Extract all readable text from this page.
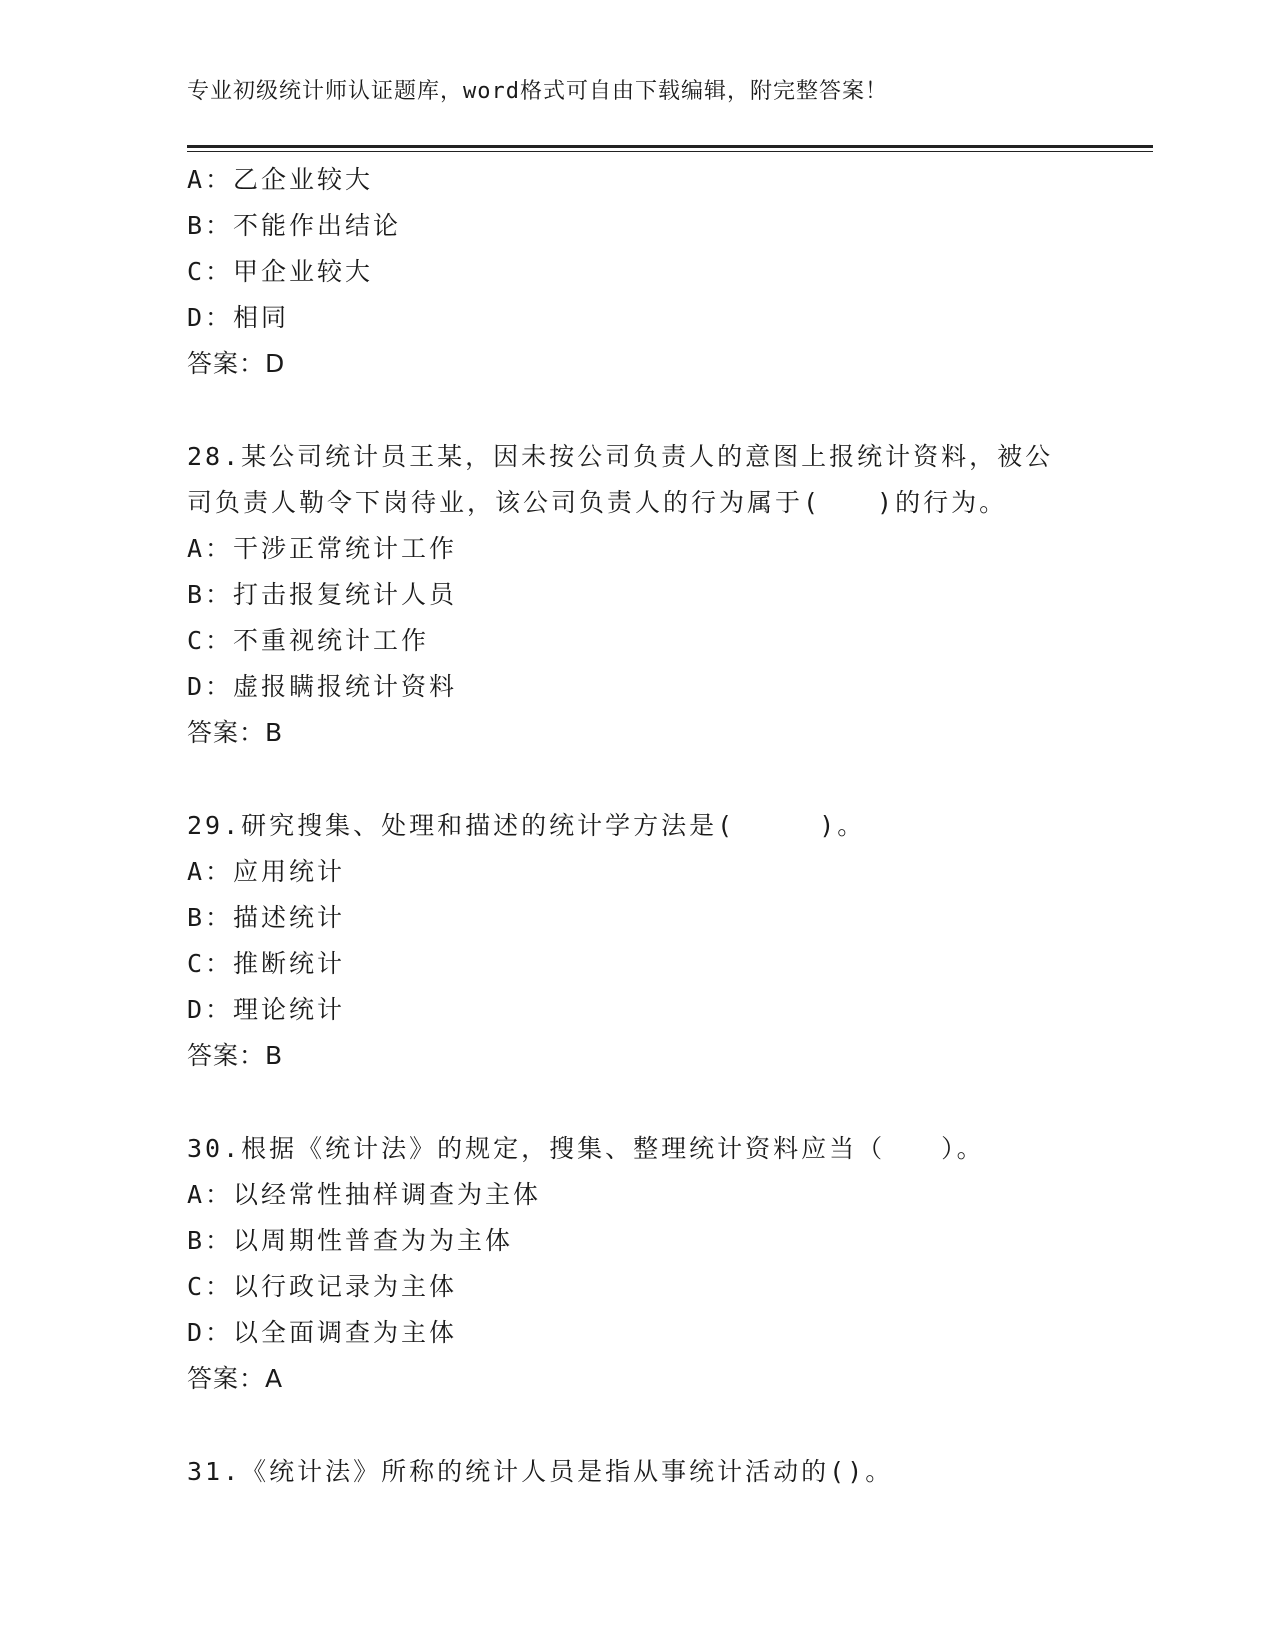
专业初级统计师认证题库，word格式可自由下载编辑，附完整答案！
A：乙企业较大
B：不能作出结论
C：甲企业较大
D：相同
答案：D
28.某公司统计员王某，因未按公司负责人的意图上报统计资料，被公
司负责人勒令下岗待业，该公司负责人的行为属于(　　)的行为。
A：干涉正常统计工作
B：打击报复统计人员
C：不重视统计工作
D：虚报瞒报统计资料
答案：B
29.研究搜集、处理和描述的统计学方法是(　　　)。
A：应用统计
B：描述统计
C：推断统计
D：理论统计
答案：B
30.根据《统计法》的规定，搜集、整理统计资料应当（　　）。
A：以经常性抽样调查为主体
B：以周期性普查为为主体
C：以行政记录为主体
D：以全面调查为主体
答案：A
31.《统计法》所称的统计人员是指从事统计活动的()。
